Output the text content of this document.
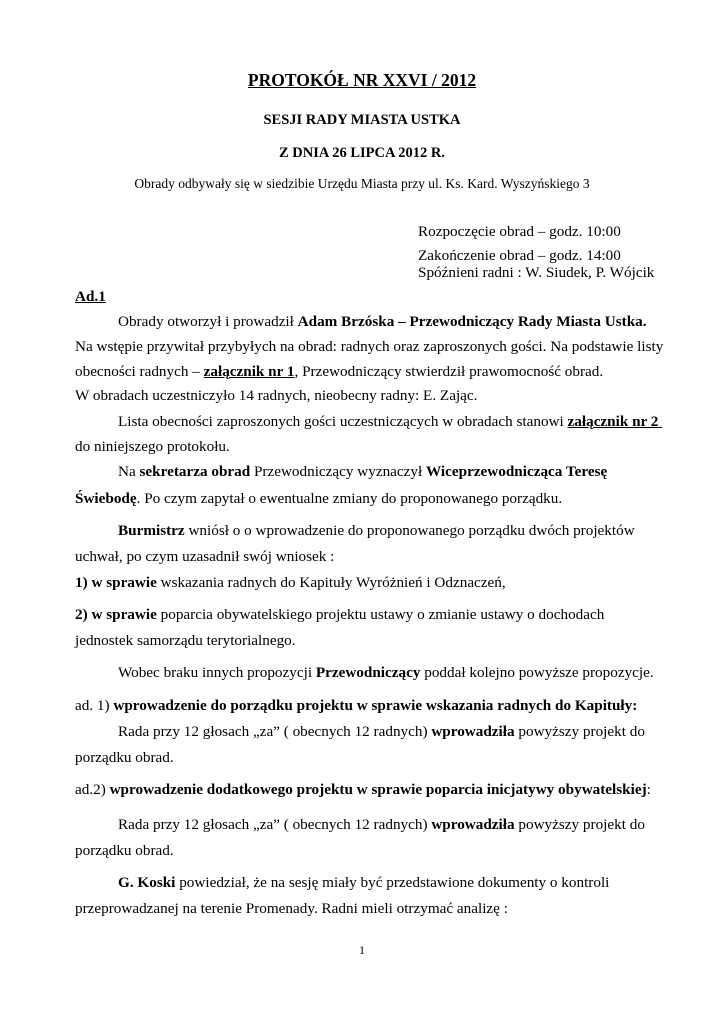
PROTOKÓŁ NR XXVI / 2012
SESJI RADY MIASTA USTKA
Z DNIA 26 LIPCA 2012 R.
Obrady odbywały się w siedzibie Urzędu Miasta przy ul. Ks. Kard. Wyszyńskiego 3
Rozpoczęcie obrad – godz. 10:00
Zakończenie obrad – godz. 14:00
Spóźnieni radni : W. Siudek, P. Wójcik
Ad.1
Obrady otworzył i prowadził Adam Brzóska – Przewodniczący Rady Miasta Ustka.
Na wstępie przywitał przybyłych na obrad: radnych oraz zaproszonych gości. Na podstawie listy
obecności radnych – załącznik nr 1, Przewodniczący stwierdził prawomocność obrad.
W obradach uczestniczyło 14 radnych, nieobecny radny: E. Zając.
Lista obecności zaproszonych gości uczestniczących w obradach stanowi załącznik nr 2
do niniejszego protokołu.
Na sekretarza obrad Przewodniczący wyznaczył Wiceprzewodnicząca Teresę
Świebodę. Po czym zapytał o ewentualne zmiany do proponowanego porządku.
Burmistrz wniósł o o wprowadzenie do proponowanego porządku dwóch projektów
uchwał, po czym uzasadnił swój wniosek :
1) w sprawie wskazania radnych do Kapituły Wyróżnień i Odznaczeń,
2) w sprawie poparcia obywatelskiego projektu ustawy o zmianie ustawy o dochodach
jednostek samorządu terytorialnego.
Wobec braku innych propozycji Przewodniczący poddał kolejno powyższe propozycje.
ad. 1) wprowadzenie do porządku projektu w sprawie wskazania radnych do Kapituły:
Rada przy 12 głosach „za” ( obecnych 12 radnych) wprowadziła powyższy projekt do
porządku obrad.
ad.2) wprowadzenie dodatkowego projektu w sprawie poparcia inicjatywy obywatelskiej:
Rada przy 12 głosach „za” ( obecnych 12 radnych) wprowadziła powyższy projekt do
porządku obrad.
G. Koski powiedział, że na sesję miały być przedstawione dokumenty o kontroli
przeprowadzanej na terenie Promenady. Radni mieli otrzymać analizę :
1
